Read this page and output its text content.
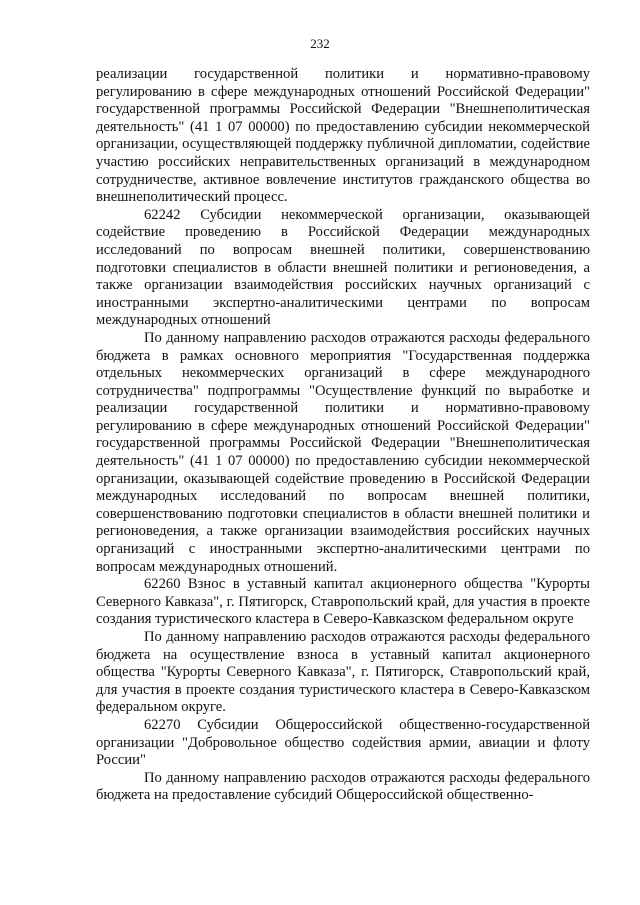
232

реализации государственной политики и нормативно-правовому регулированию в сфере международных отношений Российской Федерации" государственной программы Российской Федерации "Внешнеполитическая деятельность" (41 1 07 00000) по предоставлению субсидии некоммерческой организации, осуществляющей поддержку публичной дипломатии, содействие участию российских неправительственных организаций в международном сотрудничестве, активное вовлечение институтов гражданского общества во внешнеполитический процесс.

62242 Субсидии некоммерческой организации, оказывающей содействие проведению в Российской Федерации международных исследований по вопросам внешней политики, совершенствованию подготовки специалистов в области внешней политики и регионоведения, а также организации взаимодействия российских научных организаций с иностранными экспертно-аналитическими центрами по вопросам международных отношений

По данному направлению расходов отражаются расходы федерального бюджета в рамках основного мероприятия "Государственная поддержка отдельных некоммерческих организаций в сфере международного сотрудничества" подпрограммы "Осуществление функций по выработке и реализации государственной политики и нормативно-правовому регулированию в сфере международных отношений Российской Федерации" государственной программы Российской Федерации "Внешнеполитическая деятельность" (41 1 07 00000) по предоставлению субсидии некоммерческой организации, оказывающей содействие проведению в Российской Федерации международных исследований по вопросам внешней политики, совершенствованию подготовки специалистов в области внешней политики и регионоведения, а также организации взаимодействия российских научных организаций с иностранными экспертно-аналитическими центрами по вопросам международных отношений.

62260 Взнос в уставный капитал акционерного общества "Курорты Северного Кавказа", г. Пятигорск, Ставропольский край, для участия в проекте создания туристического кластера в Северо-Кавказском федеральном округе

По данному направлению расходов отражаются расходы федерального бюджета на осуществление взноса в уставный капитал акционерного общества "Курорты Северного Кавказа", г. Пятигорск, Ставропольский край, для участия в проекте создания туристического кластера в Северо-Кавказском федеральном округе.

62270 Субсидии Общероссийской общественно-государственной организации "Добровольное общество содействия армии, авиации и флоту России"

По данному направлению расходов отражаются расходы федерального бюджета на предоставление субсидий Общероссийской общественно-
